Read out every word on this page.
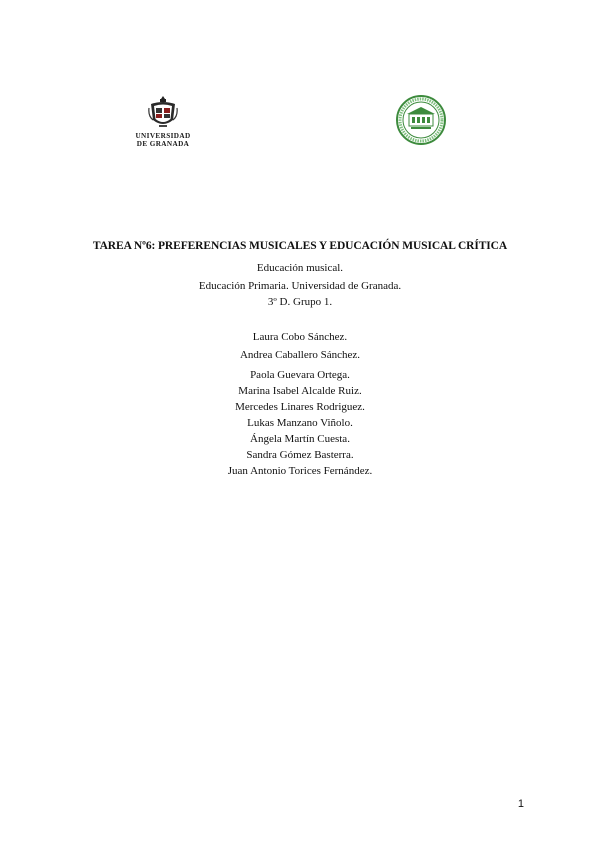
UNIVERSIDAD
DE GRANADA
TAREA Nº6: PREFERENCIAS MUSICALES Y EDUCACIÓN MUSICAL CRÍTICA
Educación musical.
Educación Primaria. Universidad de Granada.
3º D. Grupo 1.
Laura Cobo Sánchez.
Andrea Caballero Sánchez.
Paola Guevara Ortega.
Marina Isabel Alcalde Ruiz.
Mercedes Linares Rodriguez.
Lukas Manzano Viñolo.
Ángela Martín Cuesta.
Sandra Gómez Basterra.
Juan Antonio Torices Fernández.
1
